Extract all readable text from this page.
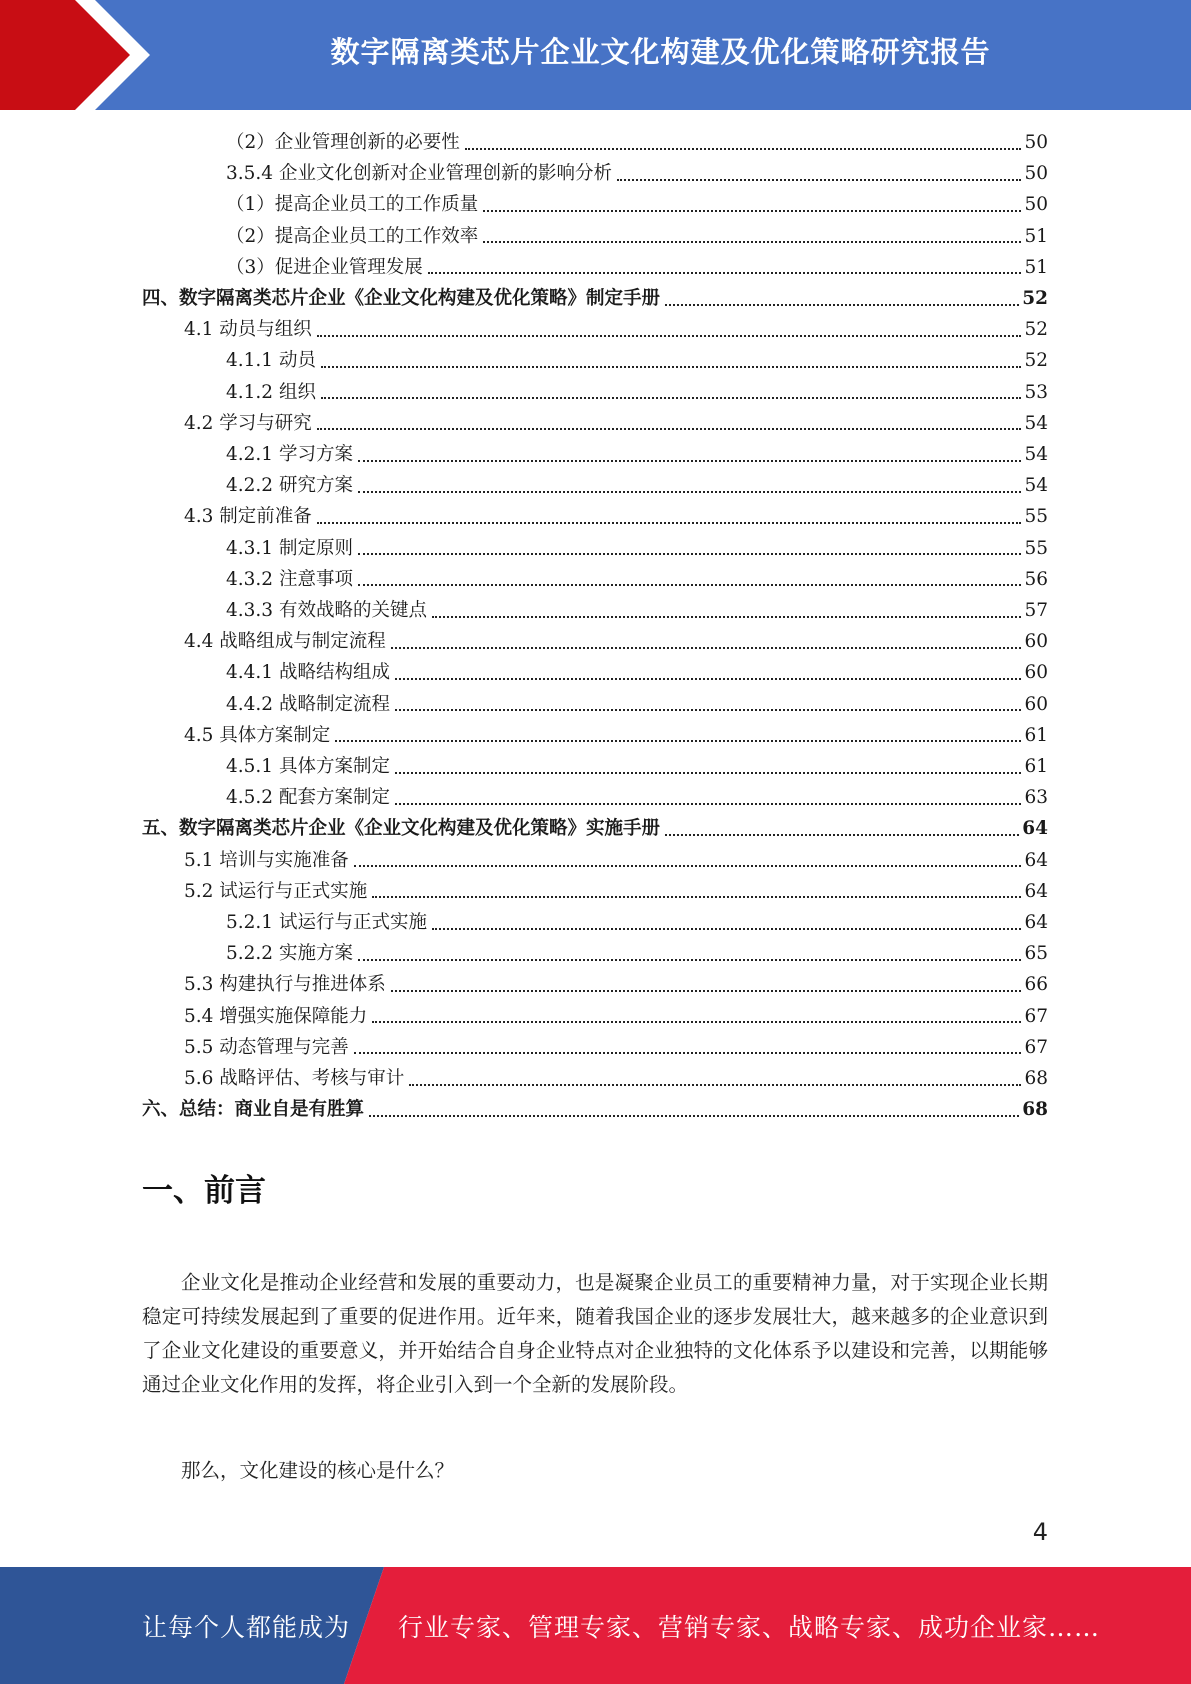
数字隔离类芯片企业文化构建及优化策略研究报告
（2）企业管理创新的必要性	50
3.5.4 企业文化创新对企业管理创新的影响分析	50
（1）提高企业员工的工作质量	50
（2）提高企业员工的工作效率	51
（3）促进企业管理发展	51
四、数字隔离类芯片企业《企业文化构建及优化策略》制定手册	52
4.1 动员与组织	52
4.1.1 动员	52
4.1.2 组织	53
4.2 学习与研究	54
4.2.1 学习方案	54
4.2.2 研究方案	54
4.3 制定前准备	55
4.3.1 制定原则	55
4.3.2 注意事项	56
4.3.3 有效战略的关键点	57
4.4 战略组成与制定流程	60
4.4.1 战略结构组成	60
4.4.2 战略制定流程	60
4.5 具体方案制定	61
4.5.1 具体方案制定	61
4.5.2 配套方案制定	63
五、数字隔离类芯片企业《企业文化构建及优化策略》实施手册	64
5.1 培训与实施准备	64
5.2 试运行与正式实施	64
5.2.1 试运行与正式实施	64
5.2.2 实施方案	65
5.3 构建执行与推进体系	66
5.4 增强实施保障能力	67
5.5 动态管理与完善	67
5.6 战略评估、考核与审计	68
六、总结：商业自是有胜算	68
一、前言
企业文化是推动企业经营和发展的重要动力，也是凝聚企业员工的重要精神力量，对于实现企业长期稳定可持续发展起到了重要的促进作用。近年来，随着我国企业的逐步发展壮大，越来越多的企业意识到了企业文化建设的重要意义，并开始结合自身企业特点对企业独特的文化体系予以建设和完善，以期能够通过企业文化作用的发挥，将企业引入到一个全新的发展阶段。
那么，文化建设的核心是什么？
4
让每个人都能成为 行业专家、管理专家、营销专家、战略专家、成功企业家……
